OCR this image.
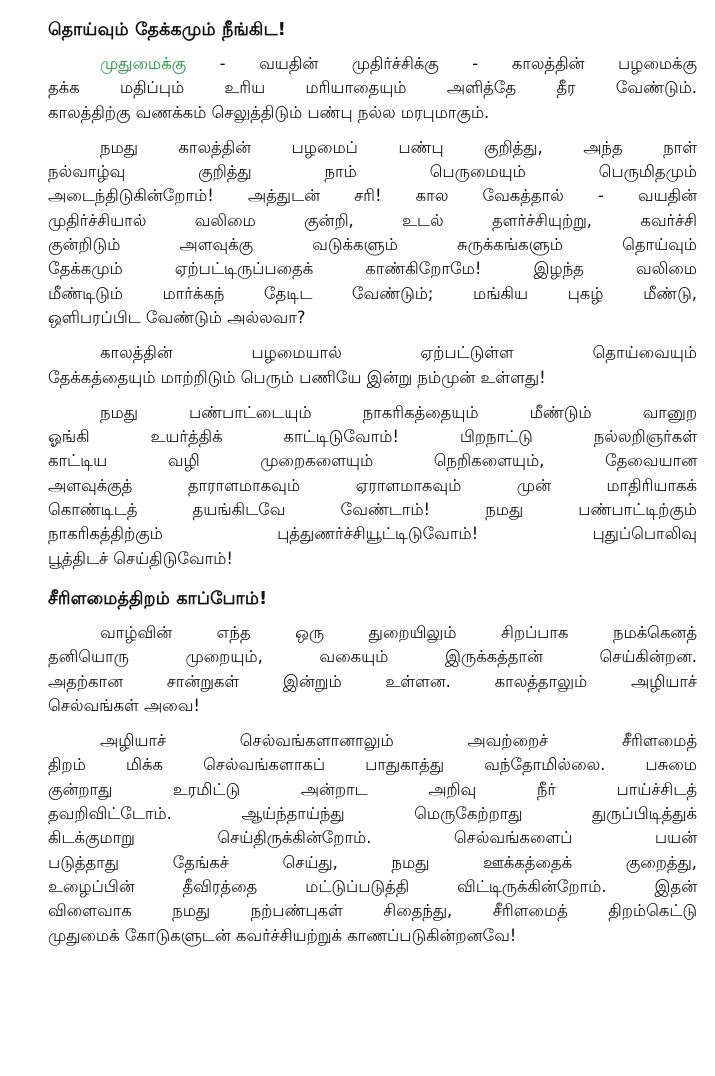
தொய்வும் தேக்கமும் நீங்கிட!
முதுமைக்கு - வயதின் முதிர்ச்சிக்கு - காலத்தின் பழமைக்கு
தக்க மதிப்பும் உரிய மரியாதையும் அளித்தே தீர வேண்டும்.
காலத்திற்கு வணக்கம் செலுத்திடும் பண்பு நல்ல மரபுமாகும்.
நமது காலத்தின் பழமைப் பண்பு குறித்து, அந்த நாள்
நல்வாழ்வு குறித்து நாம் பெருமையும் பெருமிதமும்
அடைந்திடுகின்றோம்! அத்துடன் சரி! கால வேகத்தால் - வயதின்
முதிர்ச்சியால் வலிமை குன்றி, உடல் தளர்ச்சியுற்று, கவர்ச்சி
குன்றிடும் அளவுக்கு வடுக்களும் சுருக்கங்களும் தொய்வும்
தேக்கமும் ஏற்பட்டிருப்பதைக் காண்கிறோமே! இழந்த வலிமை
மீண்டிடும் மார்க்கந் தேடிட வேண்டும்; மங்கிய புகழ் மீண்டு,
ஒளிபரப்பிட வேண்டும் அல்லவா?
காலத்தின் பழமையால் ஏற்பட்டுள்ள தொய்வையும்
தேக்கத்தையும் மாற்றிடும் பெரும் பணியே இன்று நம்முன் உள்ளது!
நமது பண்பாட்டையும் நாகரிகத்தையும் மீண்டும் வானுற
ஓங்கி உயர்த்திக் காட்டிடுவோம்! பிறநாட்டு நல்லறிஞர்கள்
காட்டிய வழி முறைகளையும் நெறிகளையும், தேவையான
அளவுக்குத் தாராளமாகவும் ஏராளமாகவும் முன் மாதிரியாகக்
கொண்டிடத் தயங்கிடவே வேண்டாம்! நமது பண்பாட்டிற்கும்
நாகரிகத்திற்கும் புத்துணர்ச்சியூட்டிடுவோம்! புதுப்பொலிவு
பூத்திடச் செய்திடுவோம்!
சீரிளமைத்திறம் காப்போம்!
வாழ்வின் எந்த ஒரு துறையிலும் சிறப்பாக நமக்கெனத்
தனியொரு முறையும், வகையும் இருக்கத்தான் செய்கின்றன.
அதற்கான சான்றுகள் இன்றும் உள்ளன. காலத்தாலும் அழியாச்
செல்வங்கள் அவை!
அழியாச் செல்வங்களானாலும் அவற்றைச் சீரிளமைத்
திறம் மிக்க செல்வங்களாகப் பாதுகாத்து வந்தோமில்லை. பசுமை
குன்றாது உரமிட்டு அன்றாட அறிவு நீர் பாய்ச்சிடத்
தவறிவிட்டோம். ஆய்ந்தாய்ந்து மெருகேற்றாது துருப்பிடித்துக்
கிடக்குமாறு செய்திருக்கின்றோம். செல்வங்களைப் பயன்
படுத்தாது தேங்கச் செய்து, நமது ஊக்கத்தைக் குறைத்து,
உழைப்பின் தீவிரத்தை மட்டுப்படுத்தி விட்டிருக்கின்றோம். இதன்
விளைவாக நமது நற்பண்புகள் சிதைந்து, சீரிளமைத் திறம்கெட்டு
முதுமைக் கோடுகளுடன் கவர்ச்சியற்றுக் காணப்படுகின்றனவே!
